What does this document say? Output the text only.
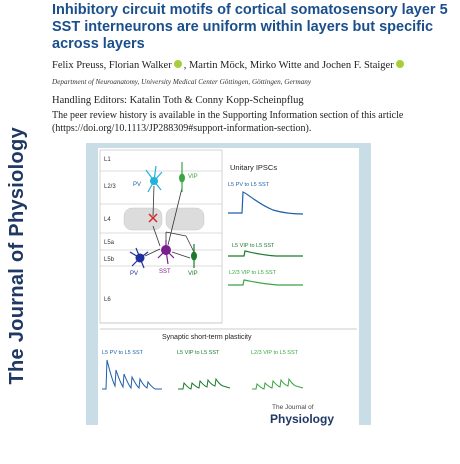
The Journal of Physiology
Inhibitory circuit motifs of cortical somatosensory layer 5 SST interneurons are uniform within layers but specific across layers
Felix Preuss, Florian Walker , Martin Möck, Mirko Witte and Jochen F. Staiger
Department of Neuroanatomy, University Medical Center Göttingen, Göttingen, Germany
Handling Editors: Katalin Toth & Conny Kopp-Scheinpflug
The peer review history is available in the Supporting Information section of this article
(https://doi.org/10.1113/JP288309#support-information-section).
L1
L2/3
L4
L5a
L5b
L6
PV
VIP
PV	SST	VIP
Unitary IPSCs
L5 PV to L5 SST
L5 VIP to L5 SST
L2/3 VIP to L5 SST
Synaptic short-term plasticity
L5 PV to L5 SST	L5 VIP to L5 SST	L2/3 VIP to L5 SST
The Journal of
Physiology
